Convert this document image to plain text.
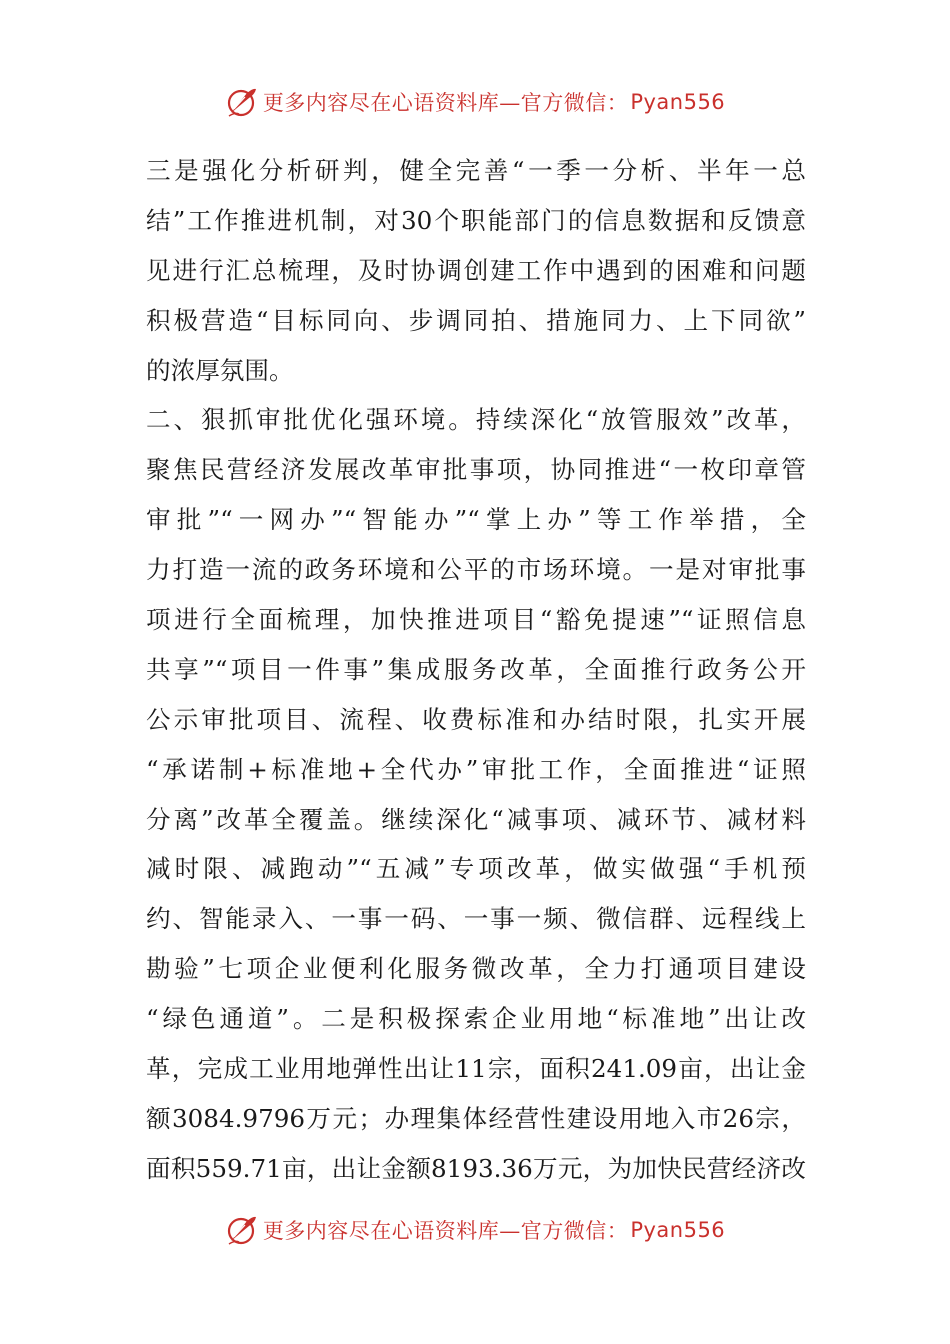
更多内容尽在心语资料库—官方微信： Pyan556
三是强化分析研判，健全完善“一季一分析、半年一总
结”工作推进机制，对30个职能部门的信息数据和反馈意
见进行汇总梳理，及时协调创建工作中遇到的困难和问题
积极营造“目标同向、步调同拍、措施同力、上下同欲”
的浓厚氛围。
二、狠抓审批优化强环境。持续深化“放管服效”改革，
聚焦民营经济发展改革审批事项，协同推进“一枚印章管
审批”“一网办”“智能办”“掌上办”等工作举措，全
力打造一流的政务环境和公平的市场环境。一是对审批事
项进行全面梳理，加快推进项目“豁免提速”“证照信息
共享”“项目一件事”集成服务改革，全面推行政务公开
公示审批项目、流程、收费标准和办结时限，扎实开展
“承诺制+标准地+全代办”审批工作，全面推进“证照
分离”改革全覆盖。继续深化“减事项、减环节、减材料
减时限、减跑动”“五减”专项改革，做实做强“手机预
约、智能录入、一事一码、一事一频、微信群、远程线上
勘验”七项企业便利化服务微改革，全力打通项目建设
“绿色通道”。二是积极探索企业用地“标准地”出让改
革，完成工业用地弹性出让11宗，面积241.09亩，出让金
额3084.9796万元；办理集体经营性建设用地入市26宗，
面积559.71亩，出让金额8193.36万元，为加快民营经济改
更多内容尽在心语资料库—官方微信： Pyan556
